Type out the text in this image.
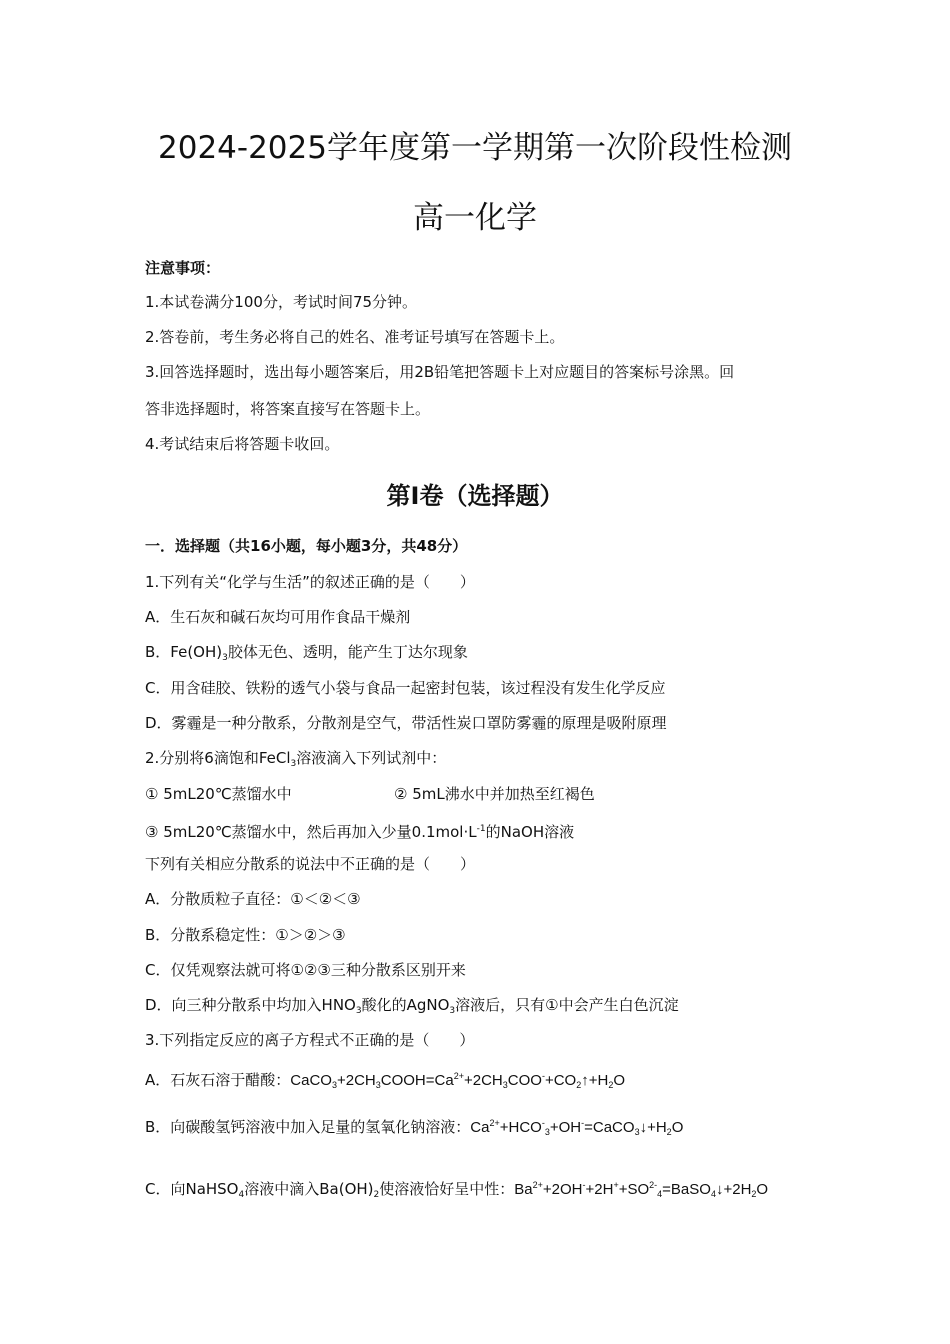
2024-2025学年度第一学期第一次阶段性检测
高一化学
注意事项：
1.本试卷满分100分，考试时间75分钟。
2.答卷前，考生务必将自己的姓名、准考证号填写在答题卡上。
3.回答选择题时，选出每小题答案后，用2B铅笔把答题卡上对应题目的答案标号涂黑。回
答非选择题时，将答案直接写在答题卡上。
4.考试结束后将答题卡收回。
第Ⅰ卷（选择题）
一．选择题（共16小题，每小题3分，共48分）
1.下列有关“化学与生活”的叙述正确的是（　　）
A．生石灰和碱石灰均可用作食品干燥剂
B．$Fe(OH)_3$胶体无色、透明，能产生丁达尔现象
C．用含硅胶、铁粉的透气小袋与食品一起密封包装，该过程没有发生化学反应
D．雾霾是一种分散系，分散剂是空气，带活性炭口罩防雾霾的原理是吸附原理
2.分别将6滴饱和FeCl$_3$溶液滴入下列试剂中：
① 5mL20℃蒸馏水中	② 5mL沸水中并加热至红褐色
③ 5mL20℃蒸馏水中，然后再加入少量$0.1mol\cdot L^{-1}$的NaOH溶液
下列有关相应分散系的说法中不正确的是（　　）
A．分散质粒子直径：①＜②＜③
B．分散系稳定性：①＞②＞③
C．仅凭观察法就可将①②③三种分散系区别开来
D．向三种分散系中均加入$HNO_3$酸化的AgNO$_3$溶液后，只有①中会产生白色沉淀
3.下列指定反应的离子方程式不正确的是（　　）
A．石灰石溶于醋酸：$CaCO_3+2CH_3COOH=Ca^{2+}+2CH_3COO^-+CO_2↑+H_2O$
B．向碳酸氢钙溶液中加入足量的氢氧化钠溶液：$Ca^{2+}+HCO^-_3+OH^-=CaCO_3↓+H_2O$
C．向NaHSO$_4$溶液中滴入$Ba(OH)_2$使溶液恰好呈中性：$Ba^{2+}+2OH^-+2H^++SO^{2-}_4=BaSO_4↓+2H_2O$
